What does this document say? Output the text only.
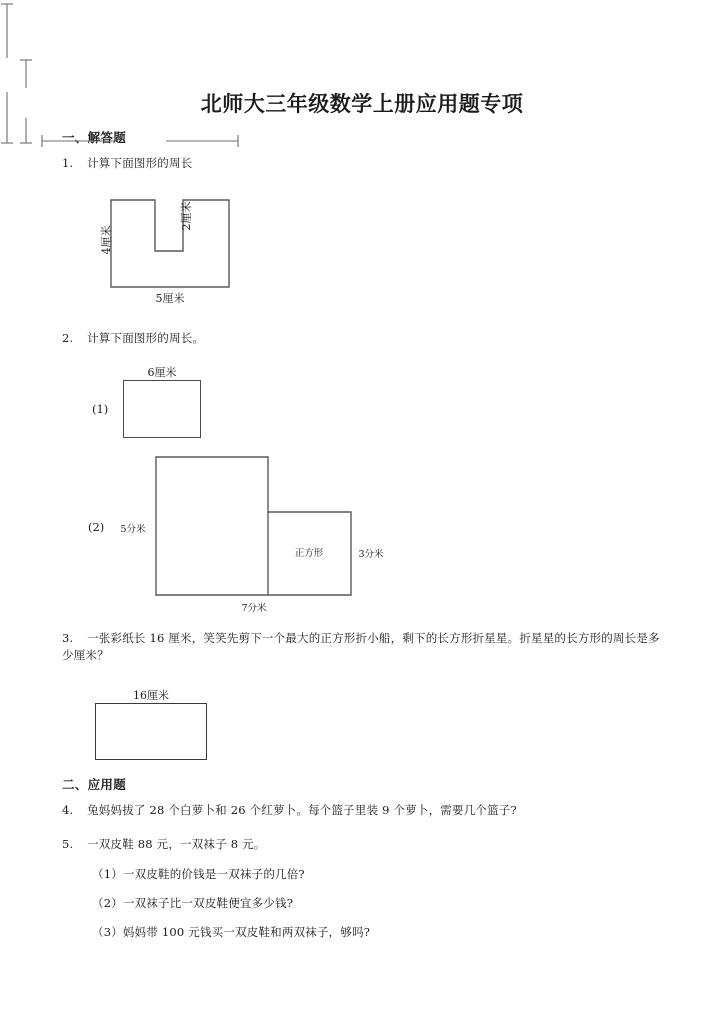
北师大三年级数学上册应用题专项
一、解答题
1. 计算下面图形的周长
4厘米
2厘米
5厘米
2. 计算下面图形的周长。
6厘米
(1)

5分米

3分米
7分米
正方形
(2)
3. 一张彩纸长 16 厘米，笑笑先剪下一个最大的正方形折小船，剩下的长方形折星星。折星星的长方形的周长是多少厘米？
16厘米
二、应用题
4. 兔妈妈拔了 28 个白萝卜和 26 个红萝卜。每个篮子里装 9 个萝卜，需要几个篮子?
5. 一双皮鞋 88 元，一双袜子 8 元。
（1）一双皮鞋的价钱是一双袜子的几倍?
（2）一双袜子比一双皮鞋便宜多少钱?
（3）妈妈带 100 元钱买一双皮鞋和两双袜子，够吗?
